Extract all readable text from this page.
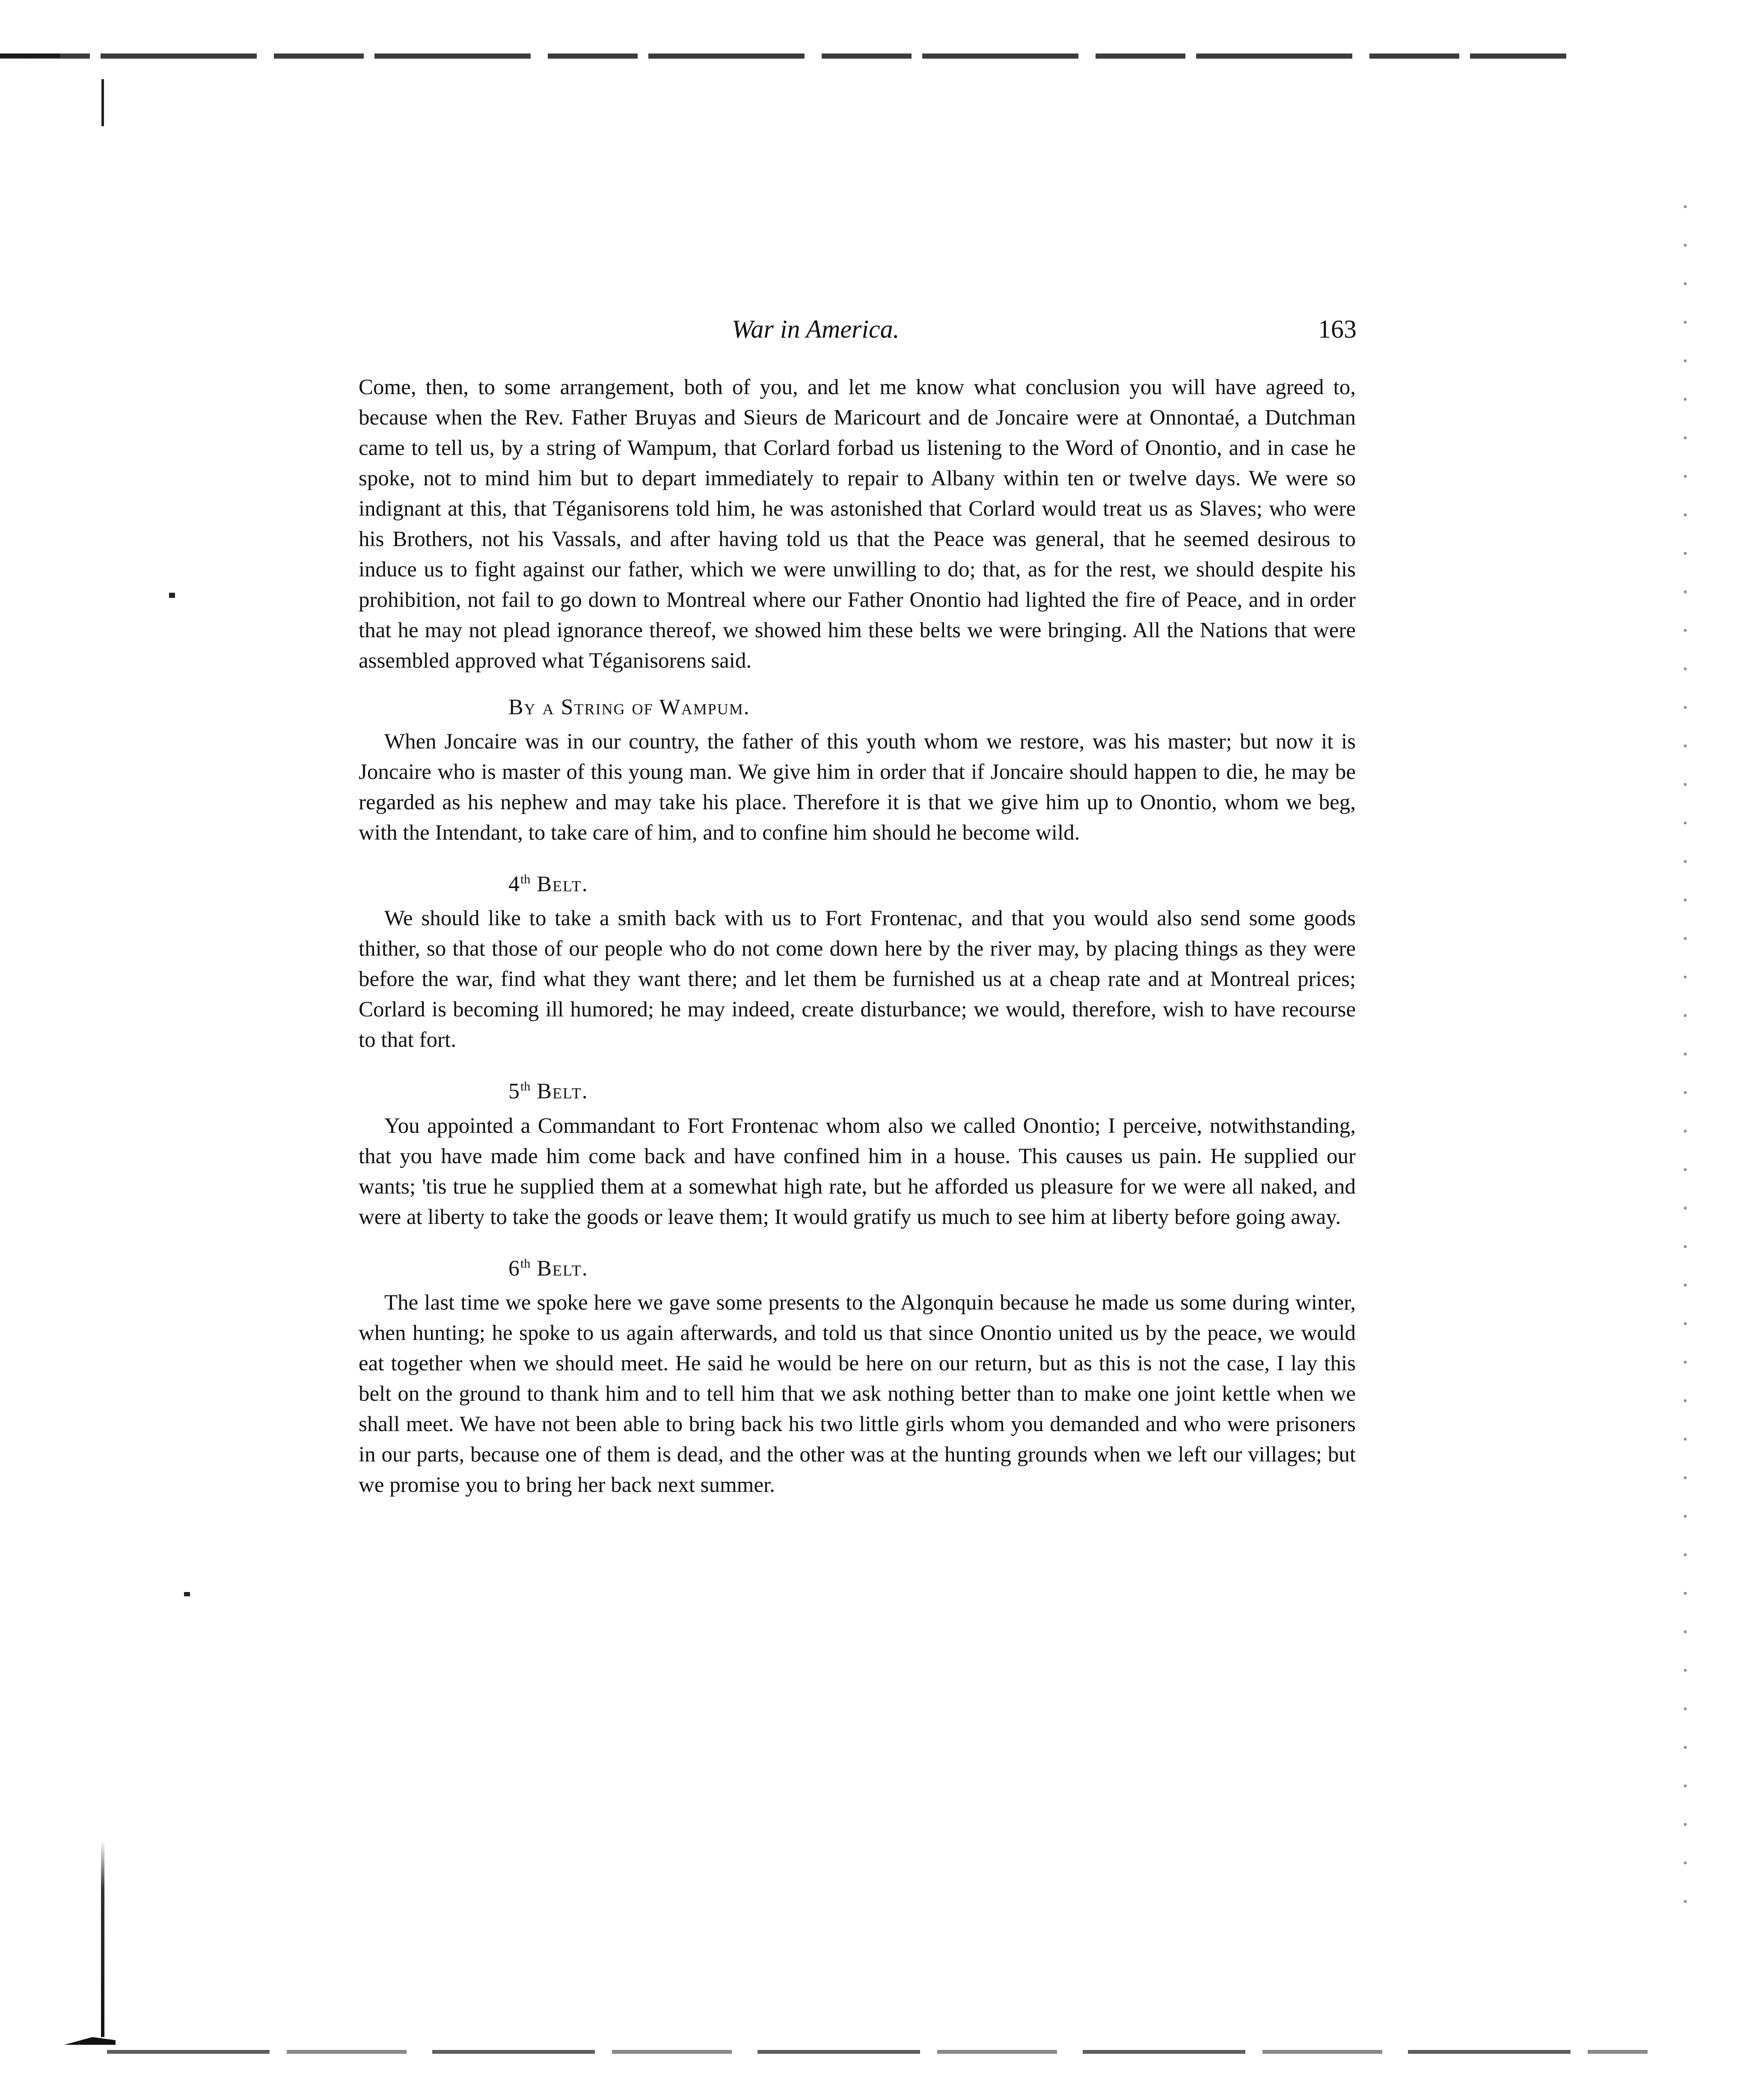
War in America.	163

Come, then, to some arrangement, both of you, and let me know what conclusion you will have agreed to, because when the Rev. Father Bruyas and Sieurs de Maricourt and de Joncaire were at Onnontaé, a Dutchman came to tell us, by a string of Wampum, that Corlard forbad us listening to the Word of Onontio, and in case he spoke, not to mind him but to depart immediately to repair to Albany within ten or twelve days. We were so indignant at this, that Téganisorens told him, he was astonished that Corlard would treat us as Slaves; who were his Brothers, not his Vassals, and after having told us that the Peace was general, that he seemed desirous to induce us to fight against our father, which we were unwilling to do; that, as for the rest, we should despite his prohibition, not fail to go down to Montreal where our Father Onontio had lighted the fire of Peace, and in order that he may not plead ignorance thereof, we showed him these belts we were bringing. All the Nations that were assembled approved what Téganisorens said.

By a String of Wampum.

When Joncaire was in our country, the father of this youth whom we restore, was his master; but now it is Joncaire who is master of this young man. We give him in order that if Joncaire should happen to die, he may be regarded as his nephew and may take his place. Therefore it is that we give him up to Onontio, whom we beg, with the Intendant, to take care of him, and to confine him should he become wild.

4th Belt.

We should like to take a smith back with us to Fort Frontenac, and that you would also send some goods thither, so that those of our people who do not come down here by the river may, by placing things as they were before the war, find what they want there; and let them be furnished us at a cheap rate and at Montreal prices; Corlard is becoming ill humored; he may indeed, create disturbance; we would, therefore, wish to have recourse to that fort.

5th Belt.

You appointed a Commandant to Fort Frontenac whom also we called Onontio; I perceive, notwithstanding, that you have made him come back and have confined him in a house. This causes us pain. He supplied our wants; 'tis true he supplied them at a somewhat high rate, but he afforded us pleasure for we were all naked, and were at liberty to take the goods or leave them; It would gratify us much to see him at liberty before going away.

6th Belt.

The last time we spoke here we gave some presents to the Algonquin because he made us some during winter, when hunting; he spoke to us again afterwards, and told us that since Onontio united us by the peace, we would eat together when we should meet. He said he would be here on our return, but as this is not the case, I lay this belt on the ground to thank him and to tell him that we ask nothing better than to make one joint kettle when we shall meet. We have not been able to bring back his two little girls whom you demanded and who were prisoners in our parts, because one of them is dead, and the other was at the hunting grounds when we left our villages; but we promise you to bring her back next summer.
